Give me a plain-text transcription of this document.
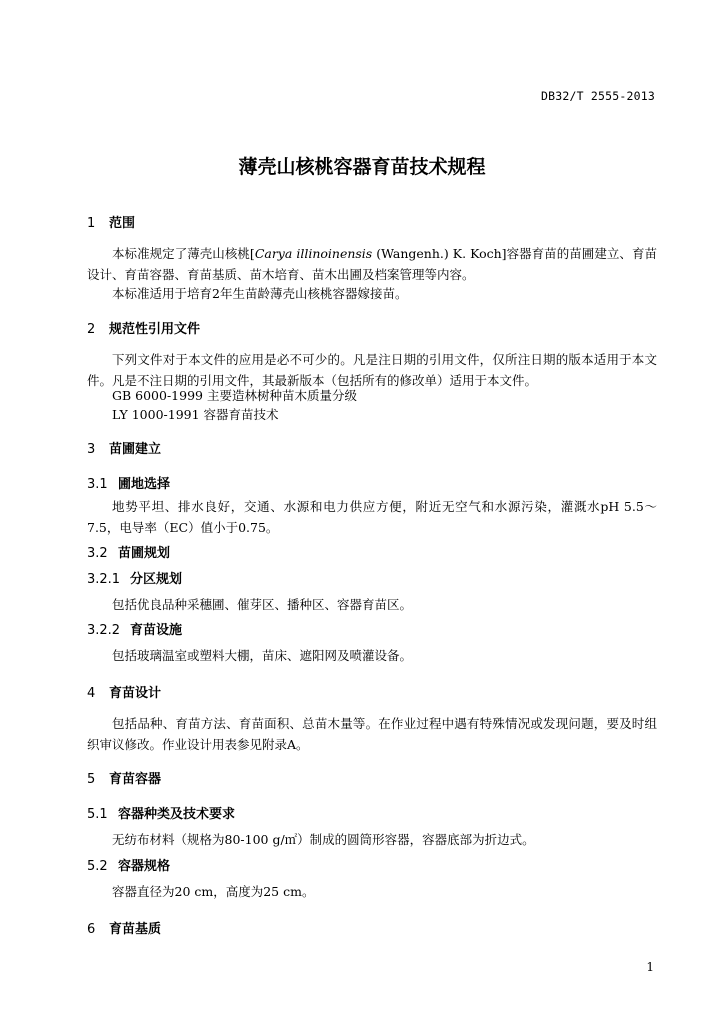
DB32/T 2555-2013
薄壳山核桃容器育苗技术规程
1 范围
本标准规定了薄壳山核桃[Carya illinoinensis (Wangenh.) K. Koch]容器育苗的苗圃建立、育苗设计、育苗容器、育苗基质、苗木培育、苗木出圃及档案管理等内容。
本标准适用于培育2年生苗龄薄壳山核桃容器嫁接苗。
2 规范性引用文件
下列文件对于本文件的应用是必不可少的。凡是注日期的引用文件，仅所注日期的版本适用于本文件。凡是不注日期的引用文件，其最新版本（包括所有的修改单）适用于本文件。
GB 6000-1999 主要造林树种苗木质量分级
LY 1000-1991 容器育苗技术
3 苗圃建立
3.1 圃地选择
地势平坦、排水良好，交通、水源和电力供应方便，附近无空气和水源污染，灌溉水pH 5.5～7.5，电导率（EC）值小于0.75。
3.2 苗圃规划
3.2.1 分区规划
包括优良品种采穗圃、催芽区、播种区、容器育苗区。
3.2.2 育苗设施
包括玻璃温室或塑料大棚，苗床、遮阳网及喷灌设备。
4 育苗设计
包括品种、育苗方法、育苗面积、总苗木量等。在作业过程中遇有特殊情况或发现问题，要及时组织审议修改。作业设计用表参见附录A。
5 育苗容器
5.1 容器种类及技术要求
无纺布材料（规格为80-100 g/㎡）制成的圆筒形容器，容器底部为折边式。
5.2 容器规格
容器直径为20 cm，高度为25 cm。
6 育苗基质
1
